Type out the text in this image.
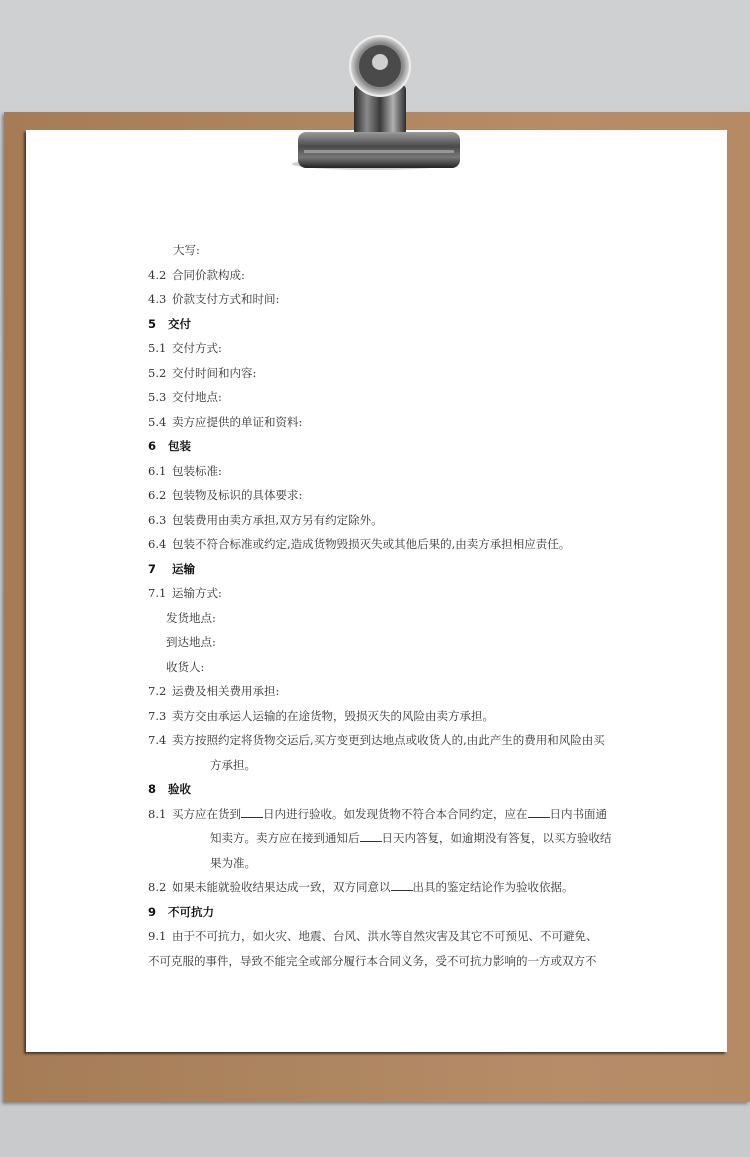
大写:
4.2 合同价款构成:
4.3 价款支付方式和时间:
5 交付
5.1 交付方式:
5.2 交付时间和内容:
5.3 交付地点:
5.4 卖方应提供的单证和资料:
6 包装
6.1 包装标准:
6.2 包装物及标识的具体要求:
6.3 包装费用由卖方承担,双方另有约定除外。
6.4 包装不符合标准或约定,造成货物毁损灭失或其他后果的,由卖方承担相应责任。
7 运输
7.1 运输方式:
发货地点:
到达地点:
收货人:
7.2 运费及相关费用承担:
7.3 卖方交由承运人运输的在途货物，毁损灭失的风险由卖方承担。
7.4 卖方按照约定将货物交运后,买方变更到达地点或收货人的,由此产生的费用和风险由买
方承担。
8 验收
8.1 买方应在货到 日内进行验收。如发现货物不符合本合同约定，应在 日内书面通
知卖方。卖方应在接到通知后 日天内答复，如逾期没有答复，以买方验收结
果为准。
8.2 如果未能就验收结果达成一致，双方同意以 出具的鉴定结论作为验收依据。
9 不可抗力
9.1 由于不可抗力，如火灾、地震、台风、洪水等自然灾害及其它不可预见、不可避免、
不可克服的事件，导致不能完全或部分履行本合同义务，受不可抗力影响的一方或双方不
